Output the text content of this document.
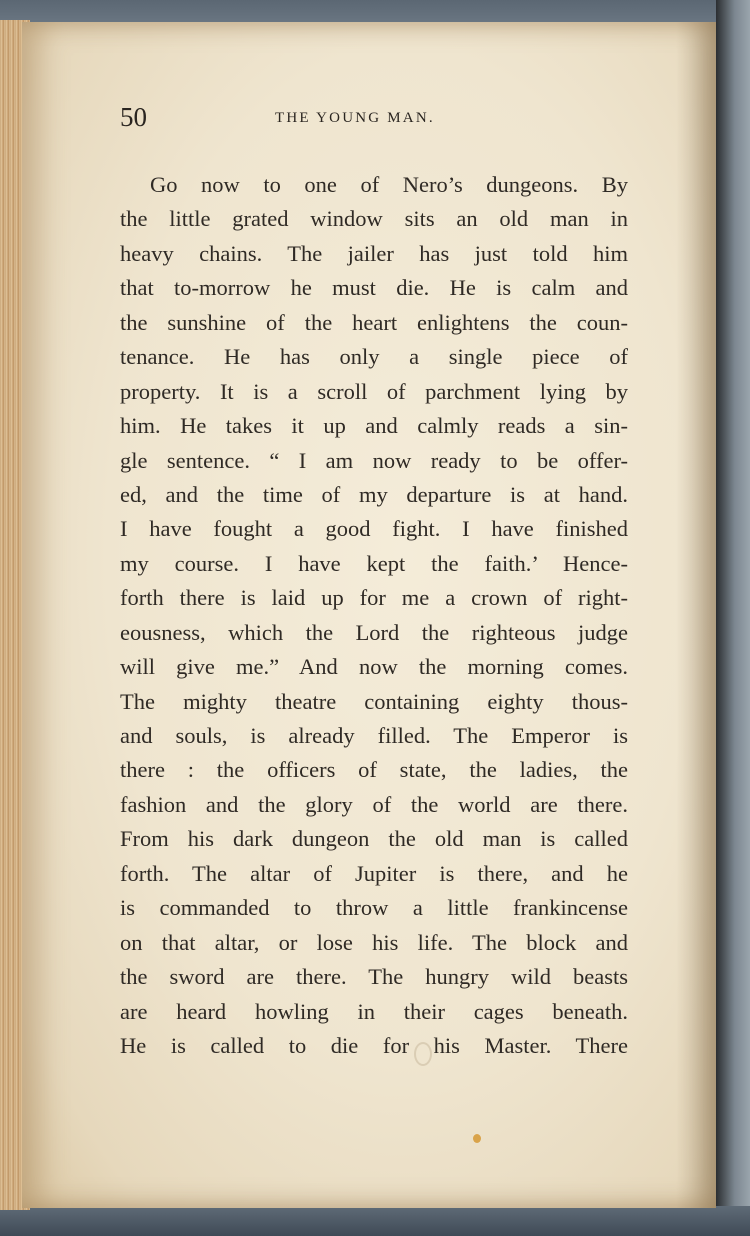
50	THE YOUNG MAN.
Go now to one of Nero’s dungeons. By
the little grated window sits an old man in
heavy chains. The jailer has just told him
that to-morrow he must die. He is calm and
the sunshine of the heart enlightens the coun-
tenance. He has only a single piece of
property. It is a scroll of parchment lying by
him. He takes it up and calmly reads a sin-
gle sentence. “ I am now ready to be offer-
ed, and the time of my departure is at hand.
I have fought a good fight. I have finished
my course. I have kept the faith.’ Hence-
forth there is laid up for me a crown of right-
eousness, which the Lord the righteous judge
will give me.” And now the morning comes.
The mighty theatre containing eighty thous-
and souls, is already filled. The Emperor is
there : the officers of state, the ladies, the
fashion and the glory of the world are there.
From his dark dungeon the old man is called
forth. The altar of Jupiter is there, and he
is commanded to throw a little frankincense
on that altar, or lose his life. The block and
the sword are there. The hungry wild beasts
are heard howling in their cages beneath.
He is called to die for his Master. There
